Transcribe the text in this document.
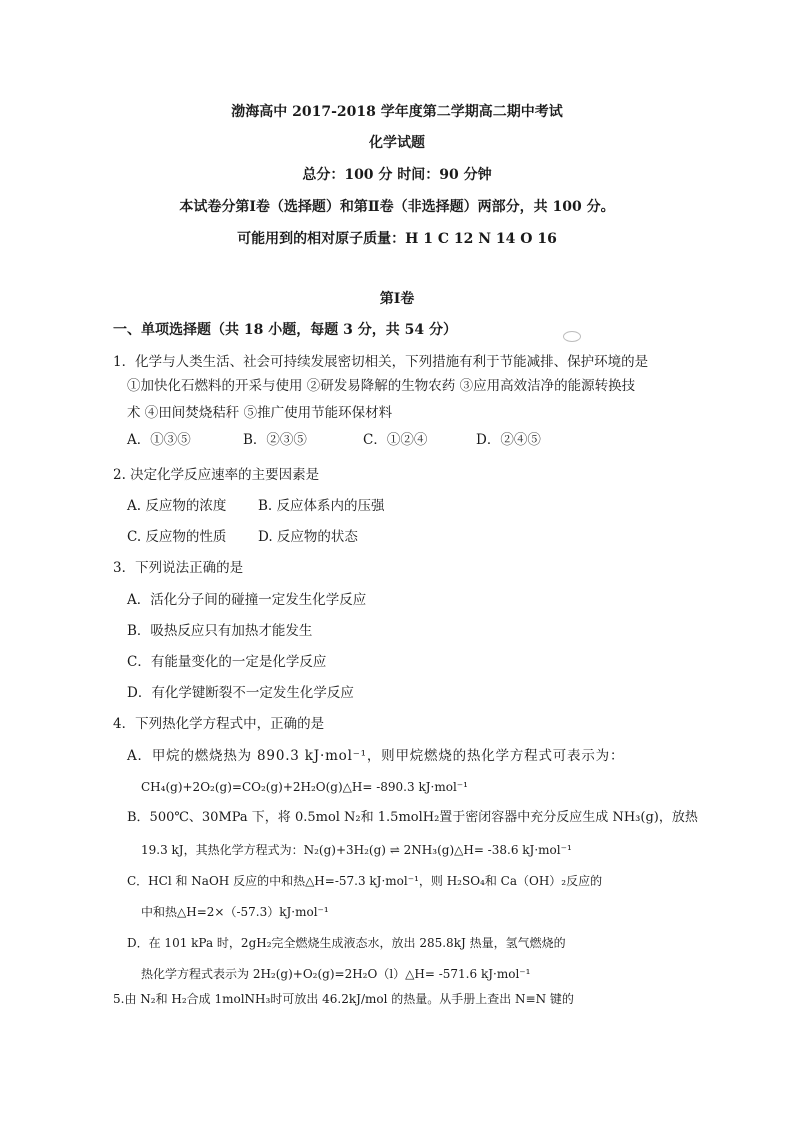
渤海高中 2017-2018 学年度第二学期高二期中考试
化学试题
总分：100 分 时间：90 分钟
本试卷分第Ⅰ卷（选择题）和第Ⅱ卷（非选择题）两部分，共 100 分。
可能用到的相对原子质量：H 1 C 12 N 14 O 16
第Ⅰ卷
一、单项选择题（共 18 小题，每题 3 分，共 54 分）
1．化学与人类生活、社会可持续发展密切相关，下列措施有利于节能减排、保护环境的是
①加快化石燃料的开采与使用 ②研发易降解的生物农药 ③应用高效洁净的能源转换技
术 ④田间焚烧秸秆 ⑤推广使用节能环保材料
A．①③⑤	B．②③⑤	C．①②④	D．②④⑤
2. 决定化学反应速率的主要因素是
A. 反应物的浓度 B. 反应体系内的压强
C. 反应物的性质 D. 反应物的状态
3．下列说法正确的是
A．活化分子间的碰撞一定发生化学反应
B．吸热反应只有加热才能发生
C．有能量变化的一定是化学反应
D．有化学键断裂不一定发生化学反应
4．下列热化学方程式中，正确的是
A．甲烷的燃烧热为 890.3 kJ·mol⁻¹，则甲烷燃烧的热化学方程式可表示为：
CH₄(g)+2O₂(g)=CO₂(g)+2H₂O(g)△H= -890.3 kJ·mol⁻¹
B．500℃、30MPa 下，将 0.5mol N₂和 1.5molH₂置于密闭容器中充分反应生成 NH₃(g)，放热
19.3 kJ，其热化学方程式为：N₂(g)+3H₂(g) ⇌ 2NH₃(g)△H= -38.6 kJ·mol⁻¹
C．HCl 和 NaOH 反应的中和热△H=-57.3 kJ·mol⁻¹，则 H₂SO₄和 Ca（OH）₂反应的
中和热△H=2×（-57.3）kJ·mol⁻¹
D．在 101 kPa 时，2gH₂完全燃烧生成液态水，放出 285.8kJ 热量，氢气燃烧的
热化学方程式表示为 2H₂(g)+O₂(g)=2H₂O（l）△H= -571.6 kJ·mol⁻¹
5.由 N₂和 H₂合成 1molNH₃时可放出 46.2kJ/mol 的热量。从手册上查出 N≡N 键的
